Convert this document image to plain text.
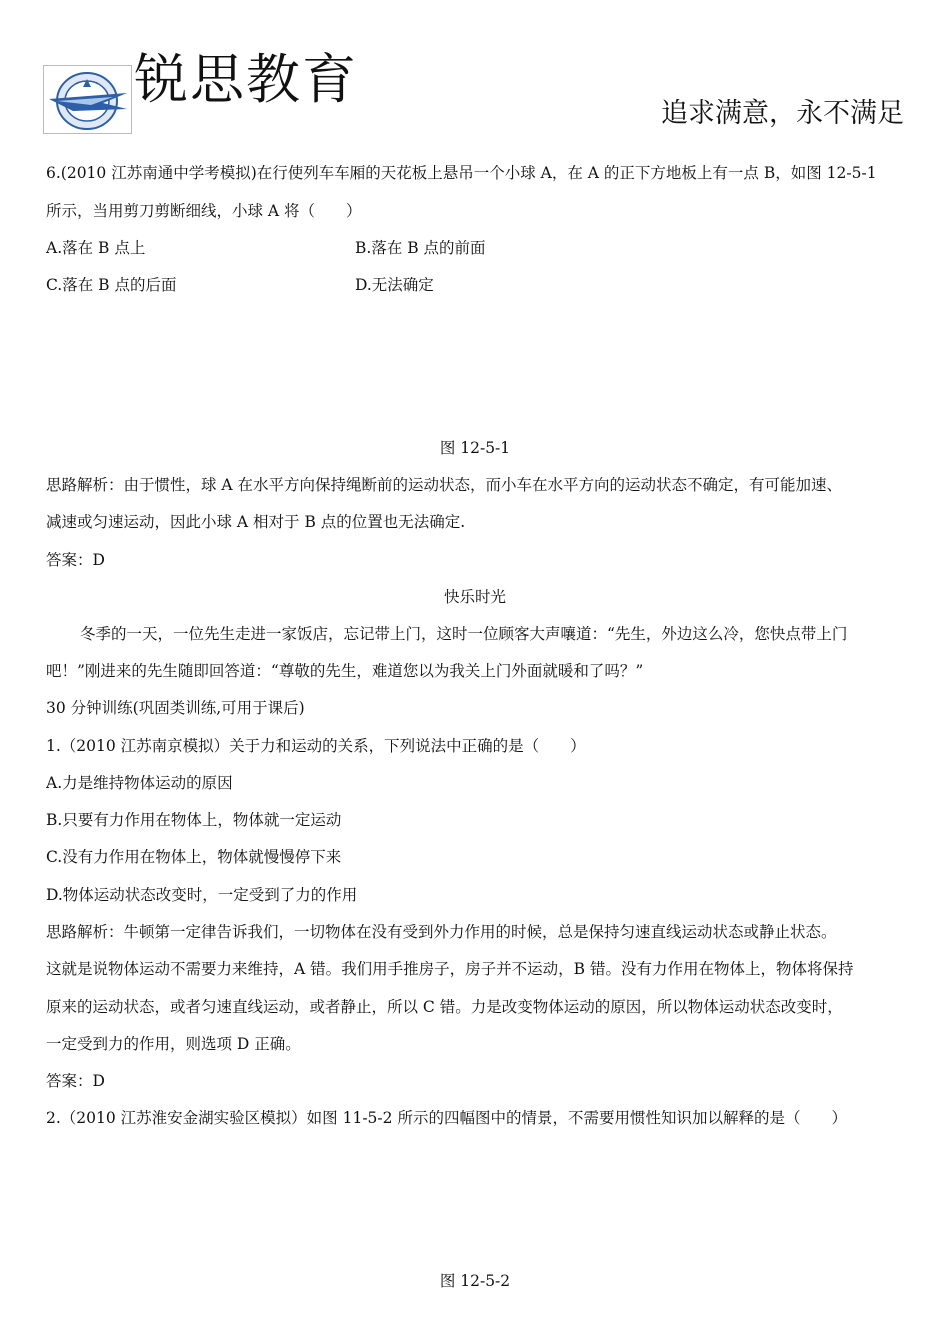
锐思教育
追求满意，永不满足
6.(2010 江苏南通中学考模拟)在行使列车车厢的天花板上悬吊一个小球 A，在 A 的正下方地板上有一点 B，如图 12-5-1
所示，当用剪刀剪断细线，小球 A 将（　　）
A.落在 B 点上	B.落在 B 点的前面
C.落在 B 点的后面	D.无法确定
图 12-5-1
思路解析：由于惯性，球 A 在水平方向保持绳断前的运动状态，而小车在水平方向的运动状态不确定，有可能加速、
减速或匀速运动，因此小球 A 相对于 B 点的位置也无法确定.
答案：D
快乐时光
冬季的一天，一位先生走进一家饭店，忘记带上门，这时一位顾客大声嚷道：“先生，外边这么冷，您快点带上门
吧！”刚进来的先生随即回答道：“尊敬的先生，难道您以为我关上门外面就暖和了吗？”
30 分钟训练(巩固类训练,可用于课后)
1.（2010 江苏南京模拟）关于力和运动的关系，下列说法中正确的是（　　）
A.力是维持物体运动的原因
B.只要有力作用在物体上，物体就一定运动
C.没有力作用在物体上，物体就慢慢停下来
D.物体运动状态改变时，一定受到了力的作用
思路解析：牛顿第一定律告诉我们，一切物体在没有受到外力作用的时候，总是保持匀速直线运动状态或静止状态。
这就是说物体运动不需要力来维持，A 错。我们用手推房子，房子并不运动，B 错。没有力作用在物体上，物体将保持
原来的运动状态，或者匀速直线运动，或者静止，所以 C 错。力是改变物体运动的原因，所以物体运动状态改变时，
一定受到力的作用，则选项 D 正确。
答案：D
2.（2010 江苏淮安金湖实验区模拟）如图 11-5-2 所示的四幅图中的情景，不需要用惯性知识加以解释的是（　　）
图 12-5-2
